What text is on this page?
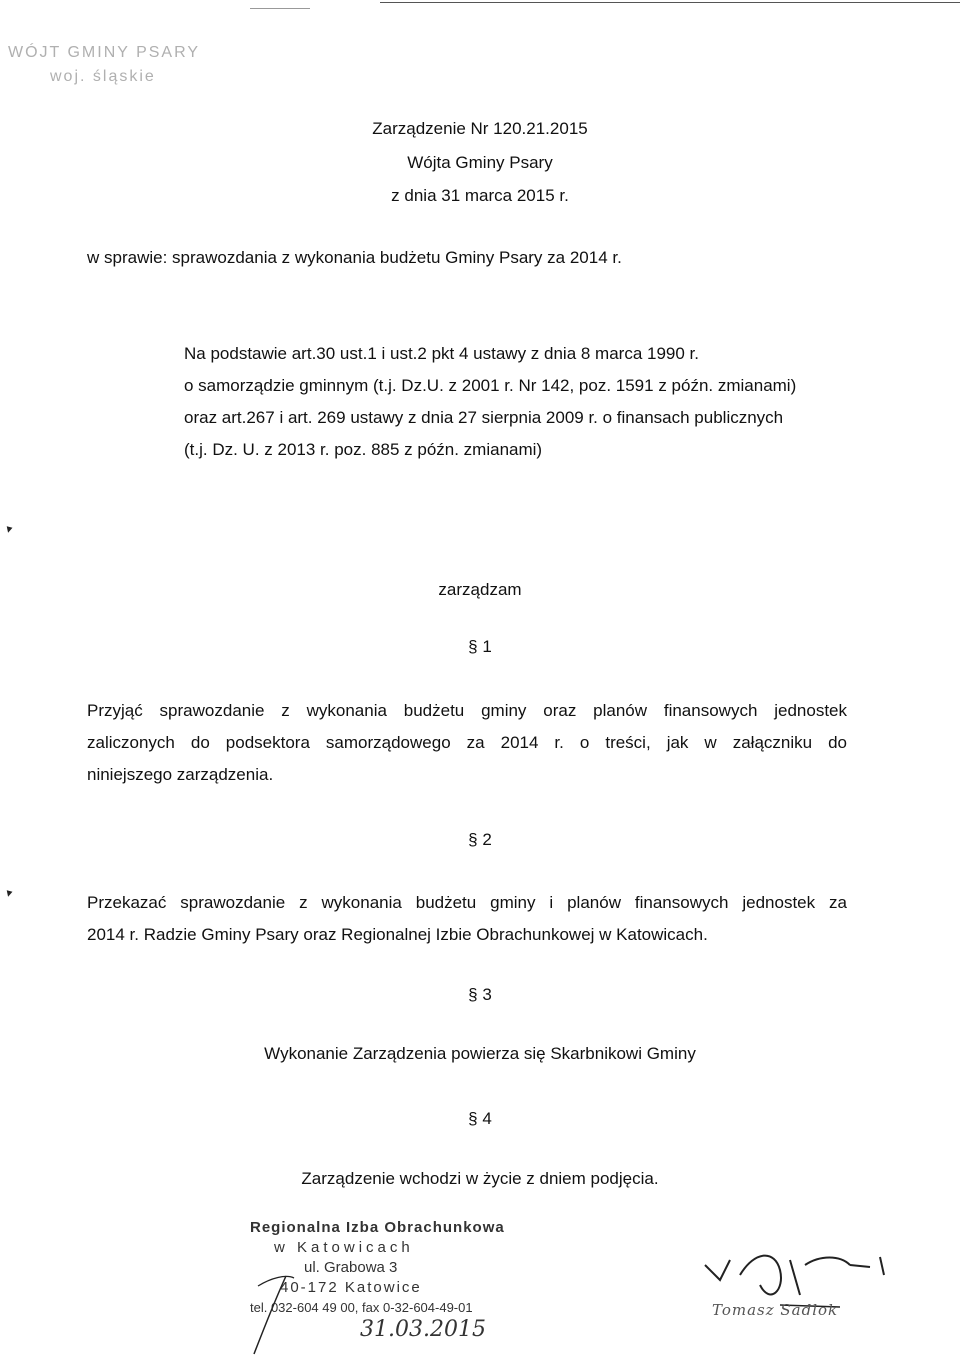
WÓJT GMINY PSARY
woj. śląskie
Zarządzenie Nr 120.21.2015
Wójta Gminy Psary
z dnia 31 marca 2015 r.
w sprawie: sprawozdania z wykonania budżetu Gminy Psary za 2014 r.
Na podstawie art.30 ust.1 i ust.2 pkt 4 ustawy z dnia 8 marca 1990 r.
o samorządzie gminnym (t.j. Dz.U. z 2001 r. Nr 142, poz. 1591 z późn. zmianami)
oraz art.267 i art. 269 ustawy z dnia 27 sierpnia 2009 r. o finansach publicznych
(t.j. Dz. U. z 2013 r. poz. 885 z późn. zmianami)
▾
▾
zarządzam
§ 1
Przyjąć sprawozdanie z wykonania budżetu gminy oraz planów finansowych jednostek
zaliczonych do podsektora samorządowego za 2014 r. o treści, jak w załączniku do
niniejszego zarządzenia.
§ 2
Przekazać sprawozdanie z wykonania budżetu gminy i planów finansowych jednostek za
2014 r. Radzie Gminy Psary oraz Regionalnej Izbie Obrachunkowej w Katowicach.
§ 3
Wykonanie Zarządzenia powierza się Skarbnikowi Gminy
§ 4
Zarządzenie wchodzi w życie z dniem podjęcia.
Regionalna Izba Obrachunkowa
w Katowicach
ul. Grabowa 3
40-172 Katowice
tel. 032-604 49 00, fax 0-32-604-49-01
31.03.2015
Tomasz Sadlok
